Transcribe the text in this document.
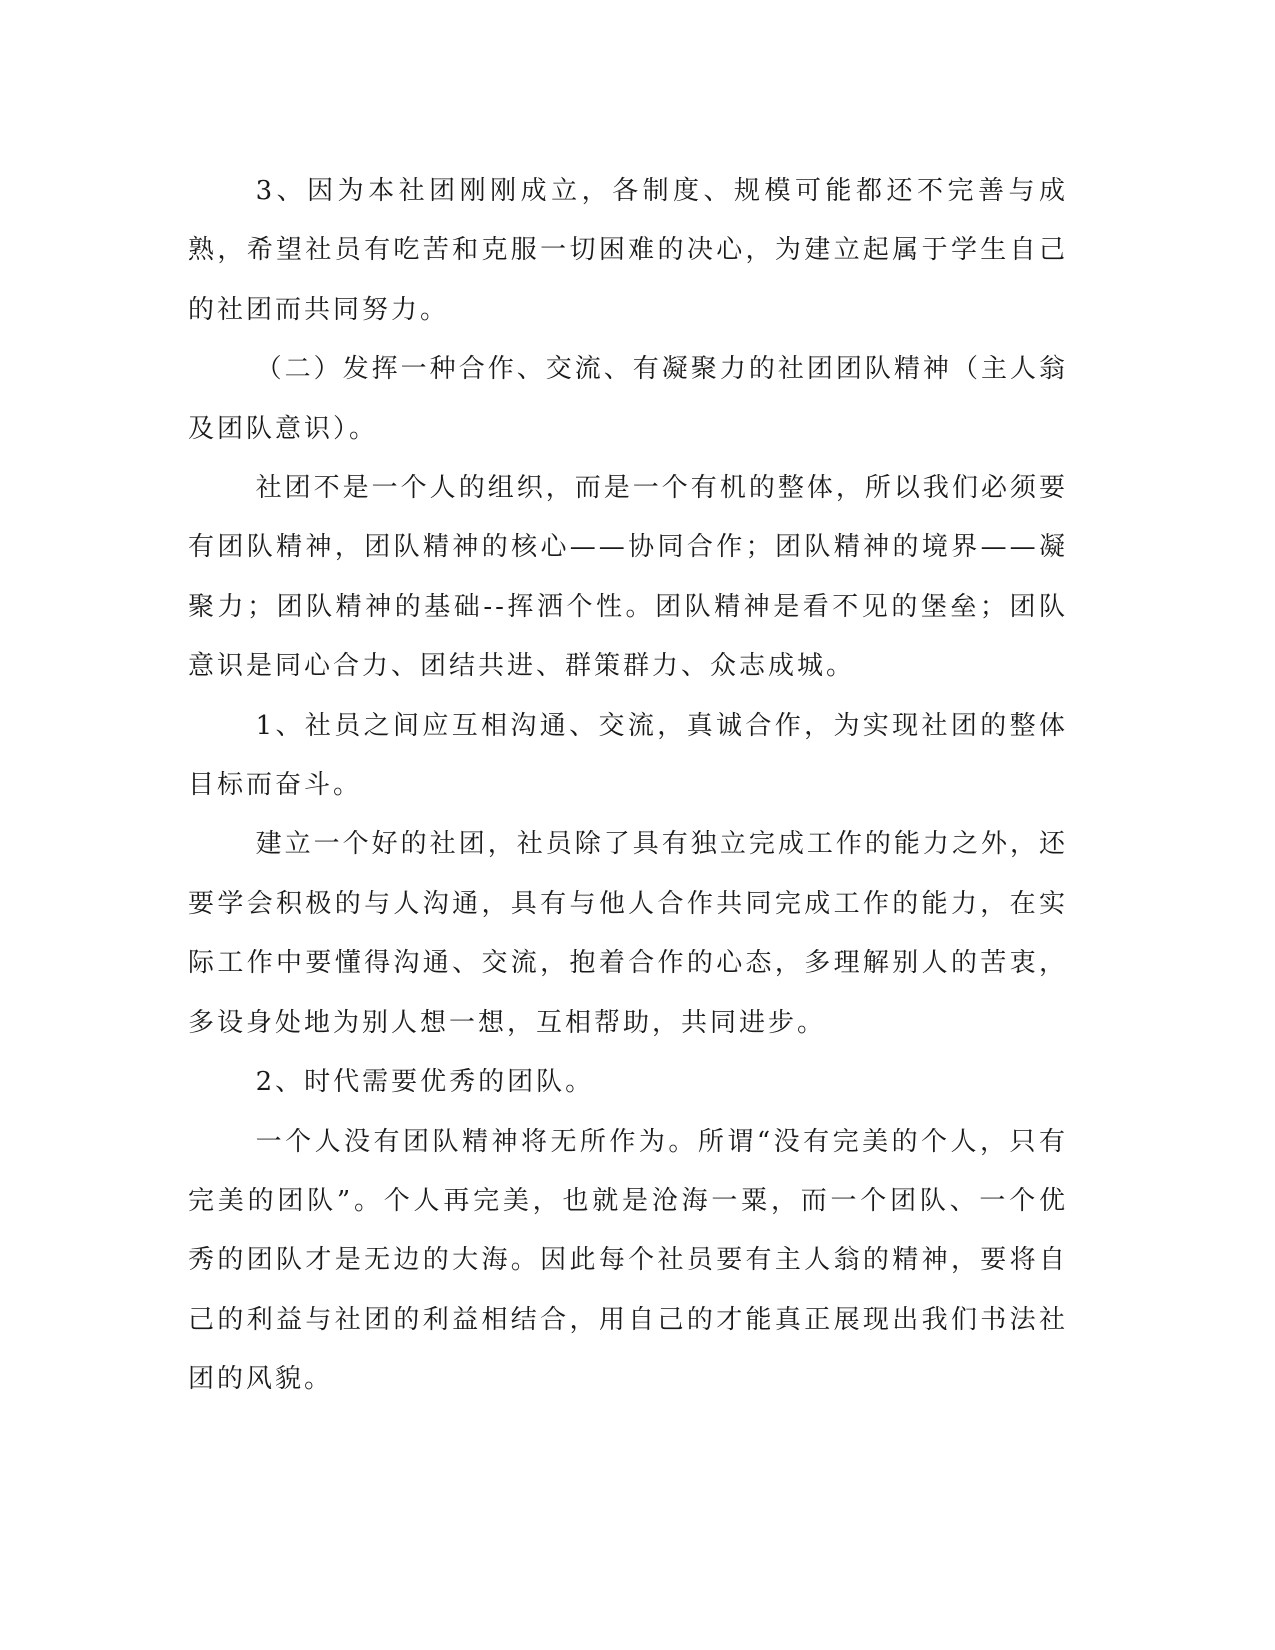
3、因为本社团刚刚成立，各制度、规模可能都还不完善与成熟，希望社员有吃苦和克服一切困难的决心，为建立起属于学生自己的社团而共同努力。

（二）发挥一种合作、交流、有凝聚力的社团团队精神（主人翁及团队意识）。

社团不是一个人的组织，而是一个有机的整体，所以我们必须要有团队精神，团队精神的核心——协同合作；团队精神的境界——凝聚力；团队精神的基础--挥洒个性。团队精神是看不见的堡垒；团队意识是同心合力、团结共进、群策群力、众志成城。

1、社员之间应互相沟通、交流，真诚合作，为实现社团的整体目标而奋斗。

建立一个好的社团，社员除了具有独立完成工作的能力之外，还要学会积极的与人沟通，具有与他人合作共同完成工作的能力，在实际工作中要懂得沟通、交流，抱着合作的心态，多理解别人的苦衷，多设身处地为别人想一想，互相帮助，共同进步。

2、时代需要优秀的团队。

一个人没有团队精神将无所作为。所谓“没有完美的个人，只有完美的团队”。个人再完美，也就是沧海一粟，而一个团队、一个优秀的团队才是无边的大海。因此每个社员要有主人翁的精神，要将自己的利益与社团的利益相结合，用自己的才能真正展现出我们书法社团的风貌。
